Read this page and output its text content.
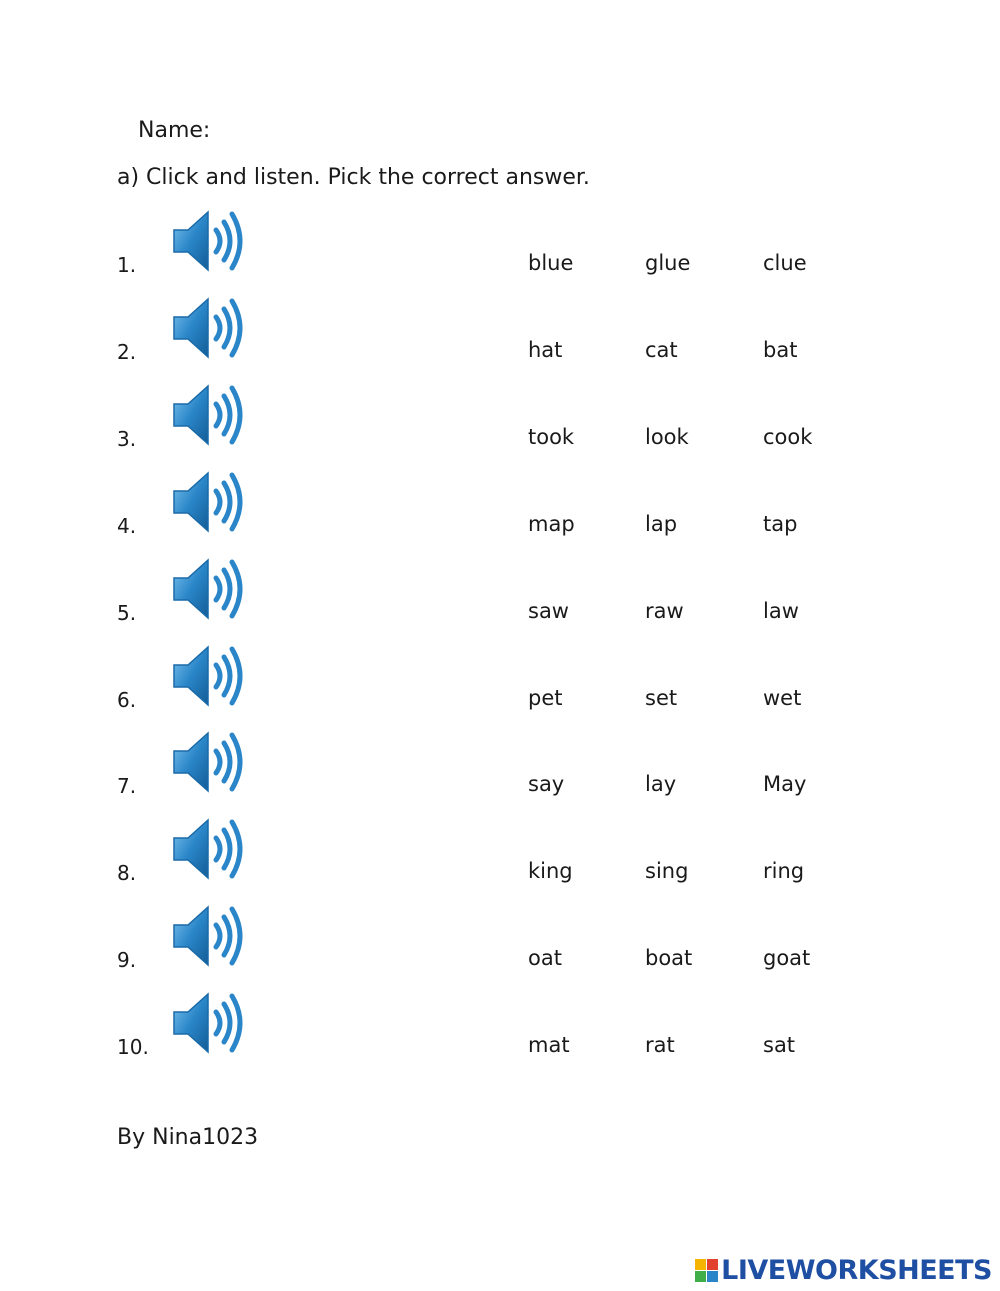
Name:
a) Click and listen. Pick the correct answer.
1.	blue	glue	clue
2.	hat	cat	bat
3.	took	look	cook
4.	map	lap	tap
5.	saw	raw	law
6.	pet	set	wet
7.	say	lay	May
8.	king	sing	ring
9.	oat	boat	goat
10.	mat	rat	sat
By Nina1023
LIVEWORKSHEETS
